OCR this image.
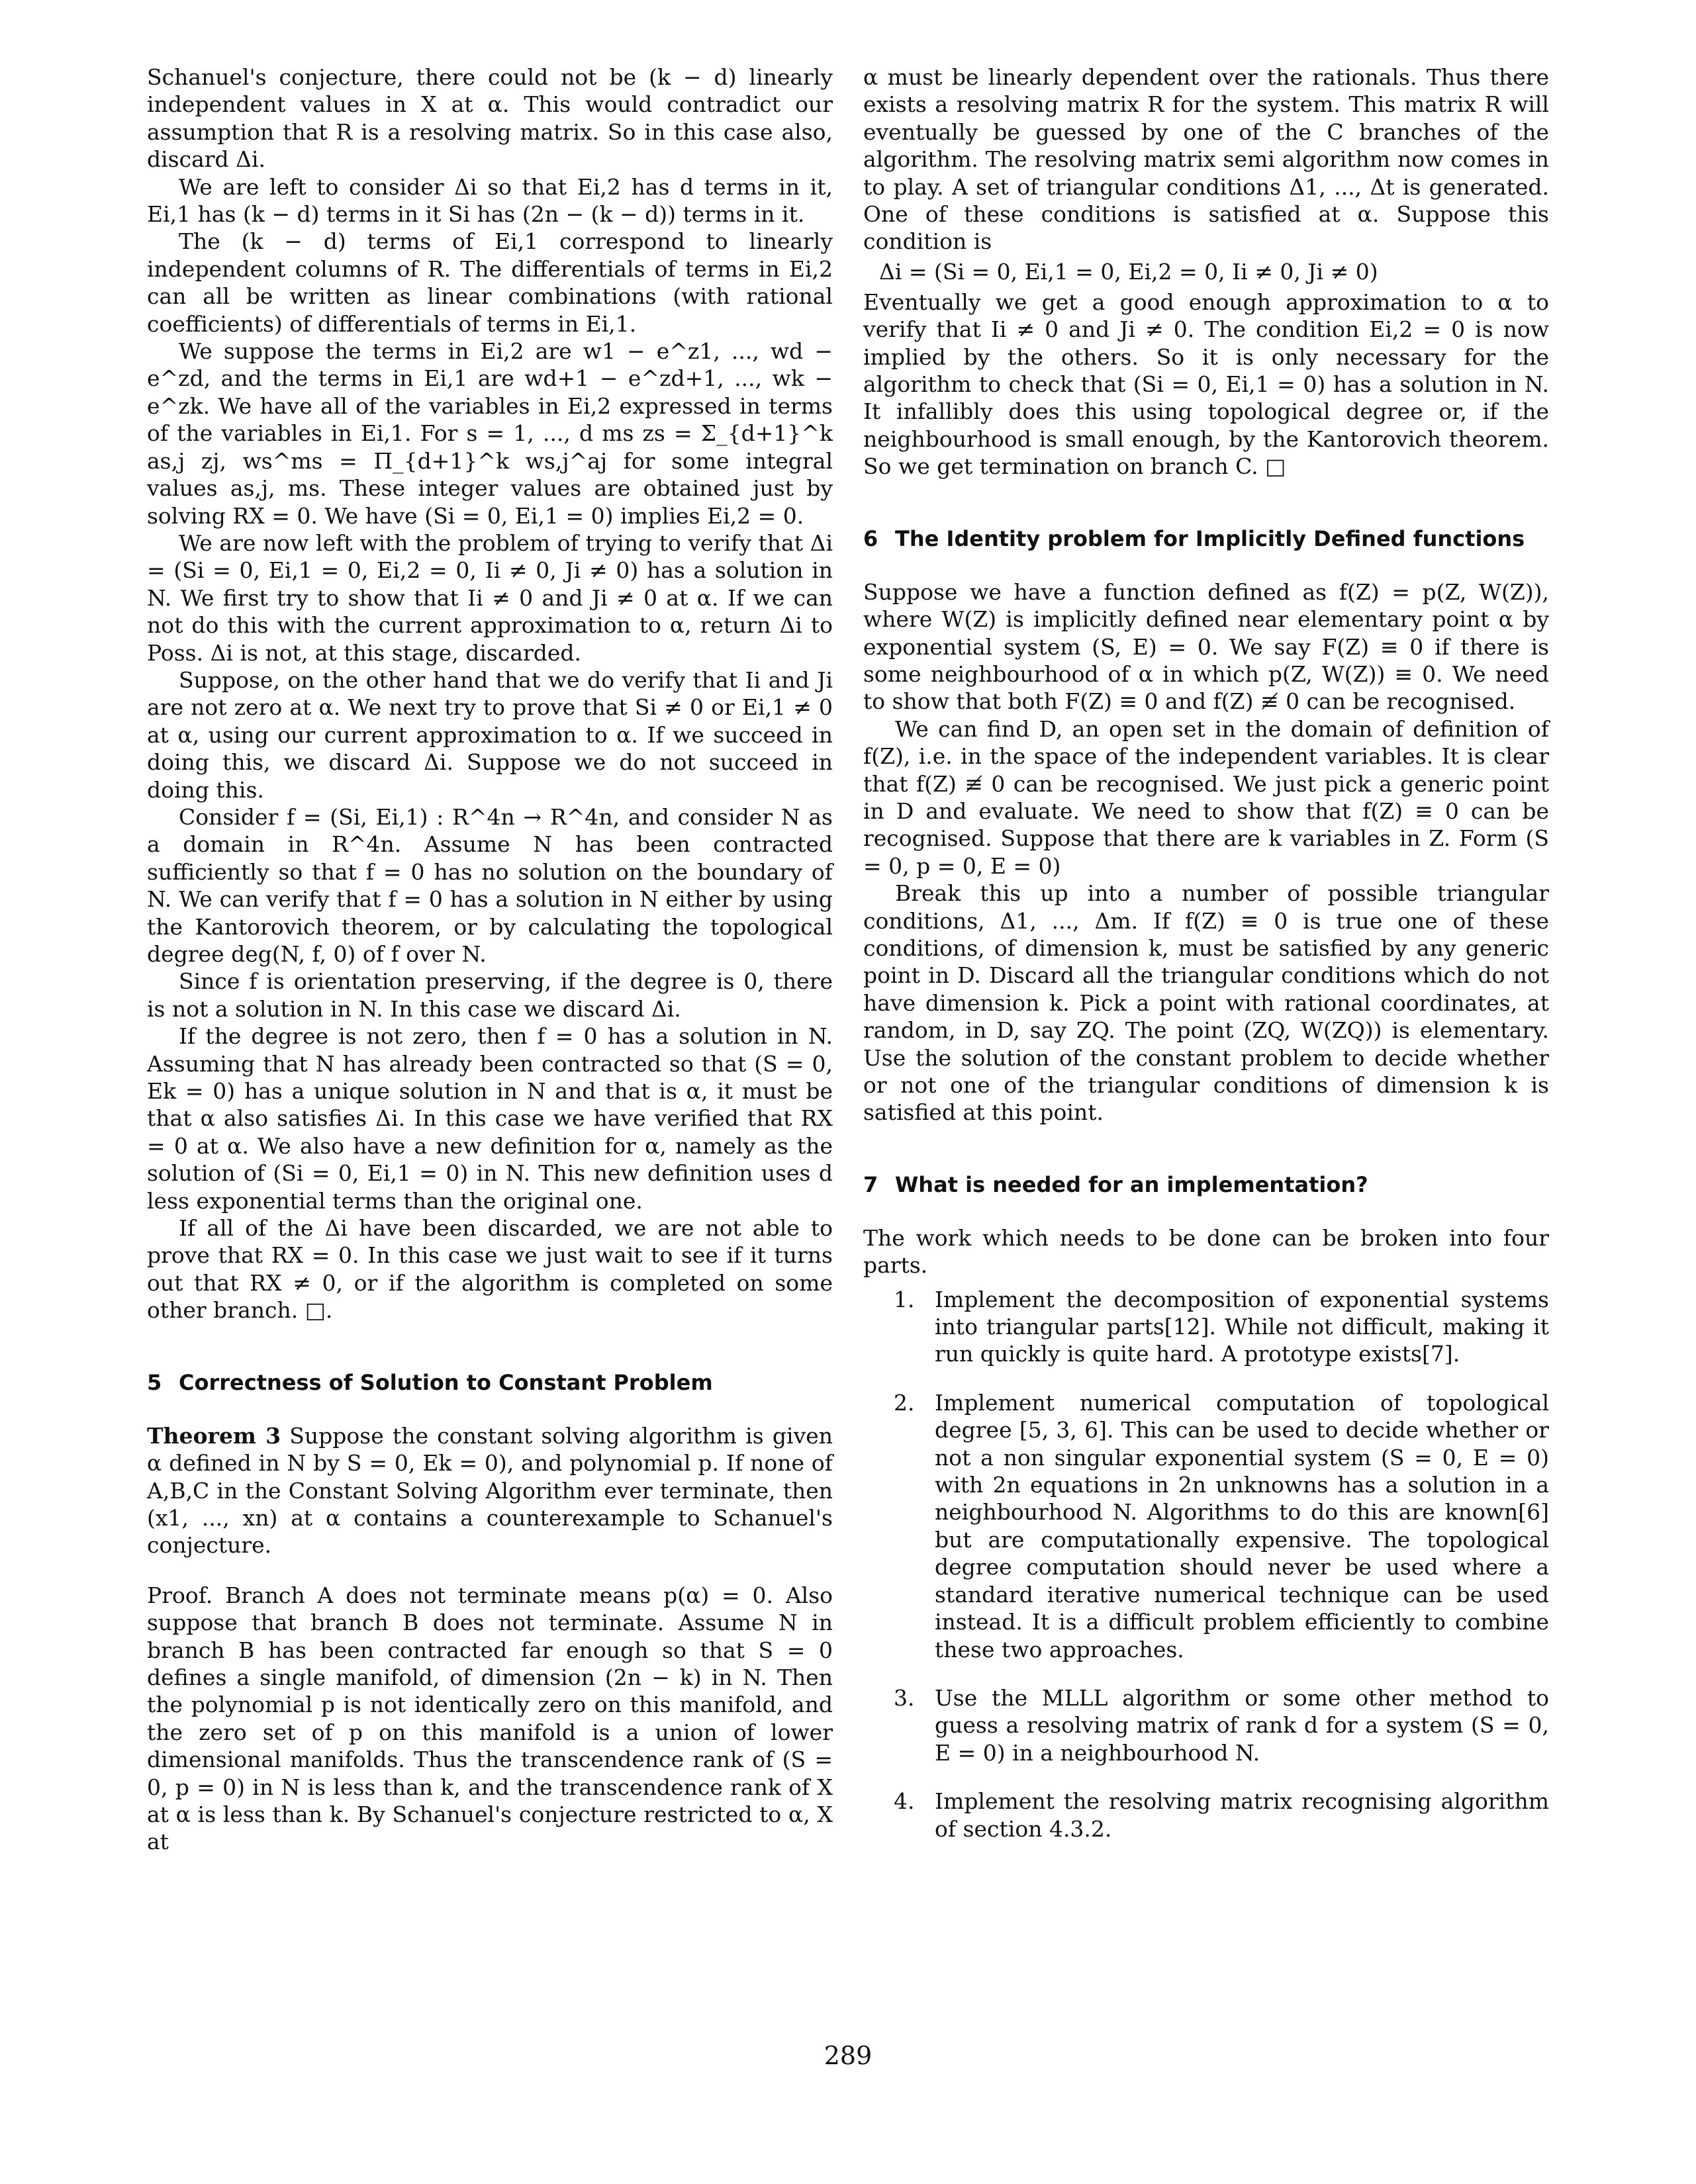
Schanuel's conjecture, there could not be (k − d) linearly independent values in X at α. This would contradict our assumption that R is a resolving matrix. So in this case also, discard Δi.

We are left to consider Δi so that Ei,2 has d terms in it, Ei,1 has (k − d) terms in it Si has (2n − (k − d)) terms in it.

The (k − d) terms of Ei,1 correspond to linearly independent columns of R. The differentials of terms in Ei,2 can all be written as linear combinations (with rational coefficients) of differentials of terms in Ei,1.

We suppose the terms in Ei,2 are w1 − e^z1, ..., wd − e^zd, and the terms in Ei,1 are wd+1 − e^zd+1, ..., wk − e^zk. We have all of the variables in Ei,2 expressed in terms of the variables in Ei,1. For s = 1, ..., d ms zs = Σ_{d+1}^k as,j zj, ws^ms = Π_{d+1}^k ws,j^aj for some integral values as,j, ms. These integer values are obtained just by solving RX = 0. We have (Si = 0, Ei,1 = 0) implies Ei,2 = 0.

We are now left with the problem of trying to verify that Δi = (Si = 0, Ei,1 = 0, Ei,2 = 0, Ii ≠ 0, Ji ≠ 0) has a solution in N. We first try to show that Ii ≠ 0 and Ji ≠ 0 at α. If we can not do this with the current approximation to α, return Δi to Poss. Δi is not, at this stage, discarded.

Suppose, on the other hand that we do verify that Ii and Ji are not zero at α. We next try to prove that Si ≠ 0 or Ei,1 ≠ 0 at α, using our current approximation to α. If we succeed in doing this, we discard Δi. Suppose we do not succeed in doing this.

Consider f = (Si, Ei,1) : R^4n → R^4n, and consider N as a domain in R^4n. Assume N has been contracted sufficiently so that f = 0 has no solution on the boundary of N. We can verify that f = 0 has a solution in N either by using the Kantorovich theorem, or by calculating the topological degree deg(N, f, 0) of f over N.

Since f is orientation preserving, if the degree is 0, there is not a solution in N. In this case we discard Δi.

If the degree is not zero, then f = 0 has a solution in N. Assuming that N has already been contracted so that (S = 0, Ek = 0) has a unique solution in N and that is α, it must be that α also satisfies Δi. In this case we have verified that RX = 0 at α. We also have a new definition for α, namely as the solution of (Si = 0, Ei,1 = 0) in N. This new definition uses d less exponential terms than the original one.

If all of the Δi have been discarded, we are not able to prove that RX = 0. In this case we just wait to see if it turns out that RX ≠ 0, or if the algorithm is completed on some other branch. □.

5 Correctness of Solution to Constant Problem

Theorem 3 Suppose the constant solving algorithm is given α defined in N by S = 0, Ek = 0), and polynomial p. If none of A,B,C in the Constant Solving Algorithm ever terminate, then (x1, ..., xn) at α contains a counterexample to Schanuel's conjecture.

Proof. Branch A does not terminate means p(α) = 0. Also suppose that branch B does not terminate. Assume N in branch B has been contracted far enough so that S = 0 defines a single manifold, of dimension (2n − k) in N. Then the polynomial p is not identically zero on this manifold, and the zero set of p on this manifold is a union of lower dimensional manifolds. Thus the transcendence rank of (S = 0, p = 0) in N is less than k, and the transcendence rank of X at α is less than k. By Schanuel's conjecture restricted to α, X at

α must be linearly dependent over the rationals. Thus there exists a resolving matrix R for the system. This matrix R will eventually be guessed by one of the C branches of the algorithm. The resolving matrix semi algorithm now comes in to play. A set of triangular conditions Δ1, ..., Δt is generated. One of these conditions is satisfied at α. Suppose this condition is

Δi = (Si = 0, Ei,1 = 0, Ei,2 = 0, Ii ≠ 0, Ji ≠ 0)

Eventually we get a good enough approximation to α to verify that Ii ≠ 0 and Ji ≠ 0. The condition Ei,2 = 0 is now implied by the others. So it is only necessary for the algorithm to check that (Si = 0, Ei,1 = 0) has a solution in N. It infallibly does this using topological degree or, if the neighbourhood is small enough, by the Kantorovich theorem. So we get termination on branch C. □

6 The Identity problem for Implicitly Defined functions

Suppose we have a function defined as f(Z) = p(Z, W(Z)), where W(Z) is implicitly defined near elementary point α by exponential system (S, E) = 0. We say F(Z) ≡ 0 if there is some neighbourhood of α in which p(Z, W(Z)) ≡ 0. We need to show that both F(Z) ≡ 0 and f(Z) ≢ 0 can be recognised.

We can find D, an open set in the domain of definition of f(Z), i.e. in the space of the independent variables. It is clear that f(Z) ≢ 0 can be recognised. We just pick a generic point in D and evaluate. We need to show that f(Z) ≡ 0 can be recognised. Suppose that there are k variables in Z. Form (S = 0, p = 0, E = 0)

Break this up into a number of possible triangular conditions, Δ1, ..., Δm. If f(Z) ≡ 0 is true one of these conditions, of dimension k, must be satisfied by any generic point in D. Discard all the triangular conditions which do not have dimension k. Pick a point with rational coordinates, at random, in D, say ZQ. The point (ZQ, W(ZQ)) is elementary. Use the solution of the constant problem to decide whether or not one of the triangular conditions of dimension k is satisfied at this point.

7 What is needed for an implementation?

The work which needs to be done can be broken into four parts.

1. Implement the decomposition of exponential systems into triangular parts[12]. While not difficult, making it run quickly is quite hard. A prototype exists[7].

2. Implement numerical computation of topological degree [5, 3, 6]. This can be used to decide whether or not a non singular exponential system (S = 0, E = 0) with 2n equations in 2n unknowns has a solution in a neighbourhood N. Algorithms to do this are known[6] but are computationally expensive. The topological degree computation should never be used where a standard iterative numerical technique can be used instead. It is a difficult problem efficiently to combine these two approaches.

3. Use the MLLL algorithm or some other method to guess a resolving matrix of rank d for a system (S = 0, E = 0) in a neighbourhood N.

4. Implement the resolving matrix recognising algorithm of section 4.3.2.

289
